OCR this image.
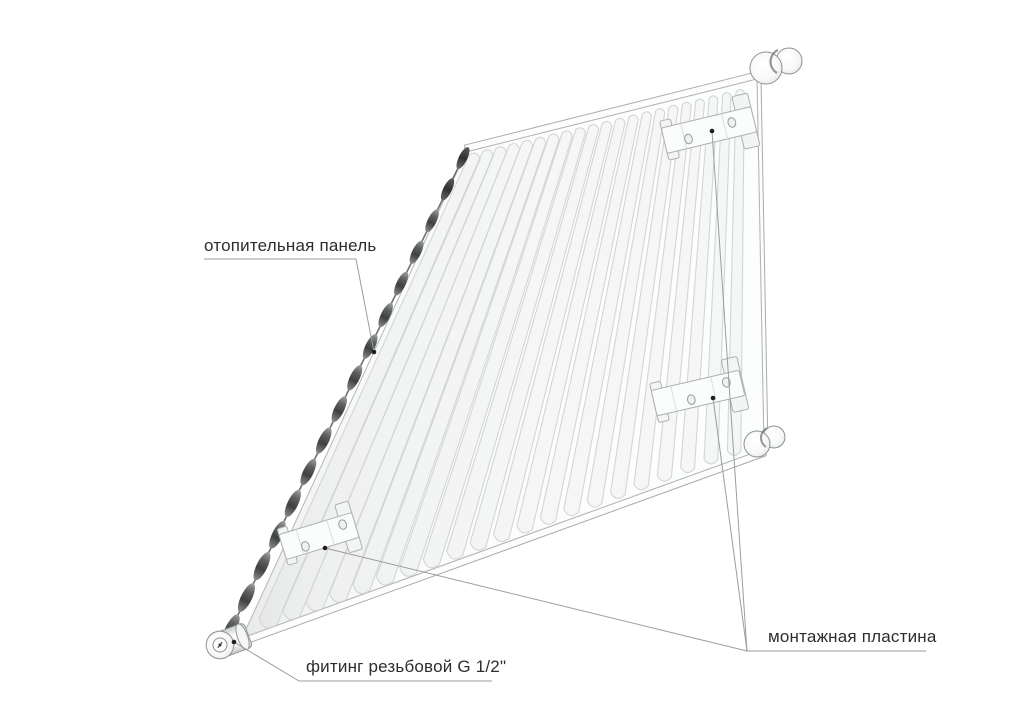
отопительная панель
монтажная пластина
фитинг резьбовой G 1/2"
